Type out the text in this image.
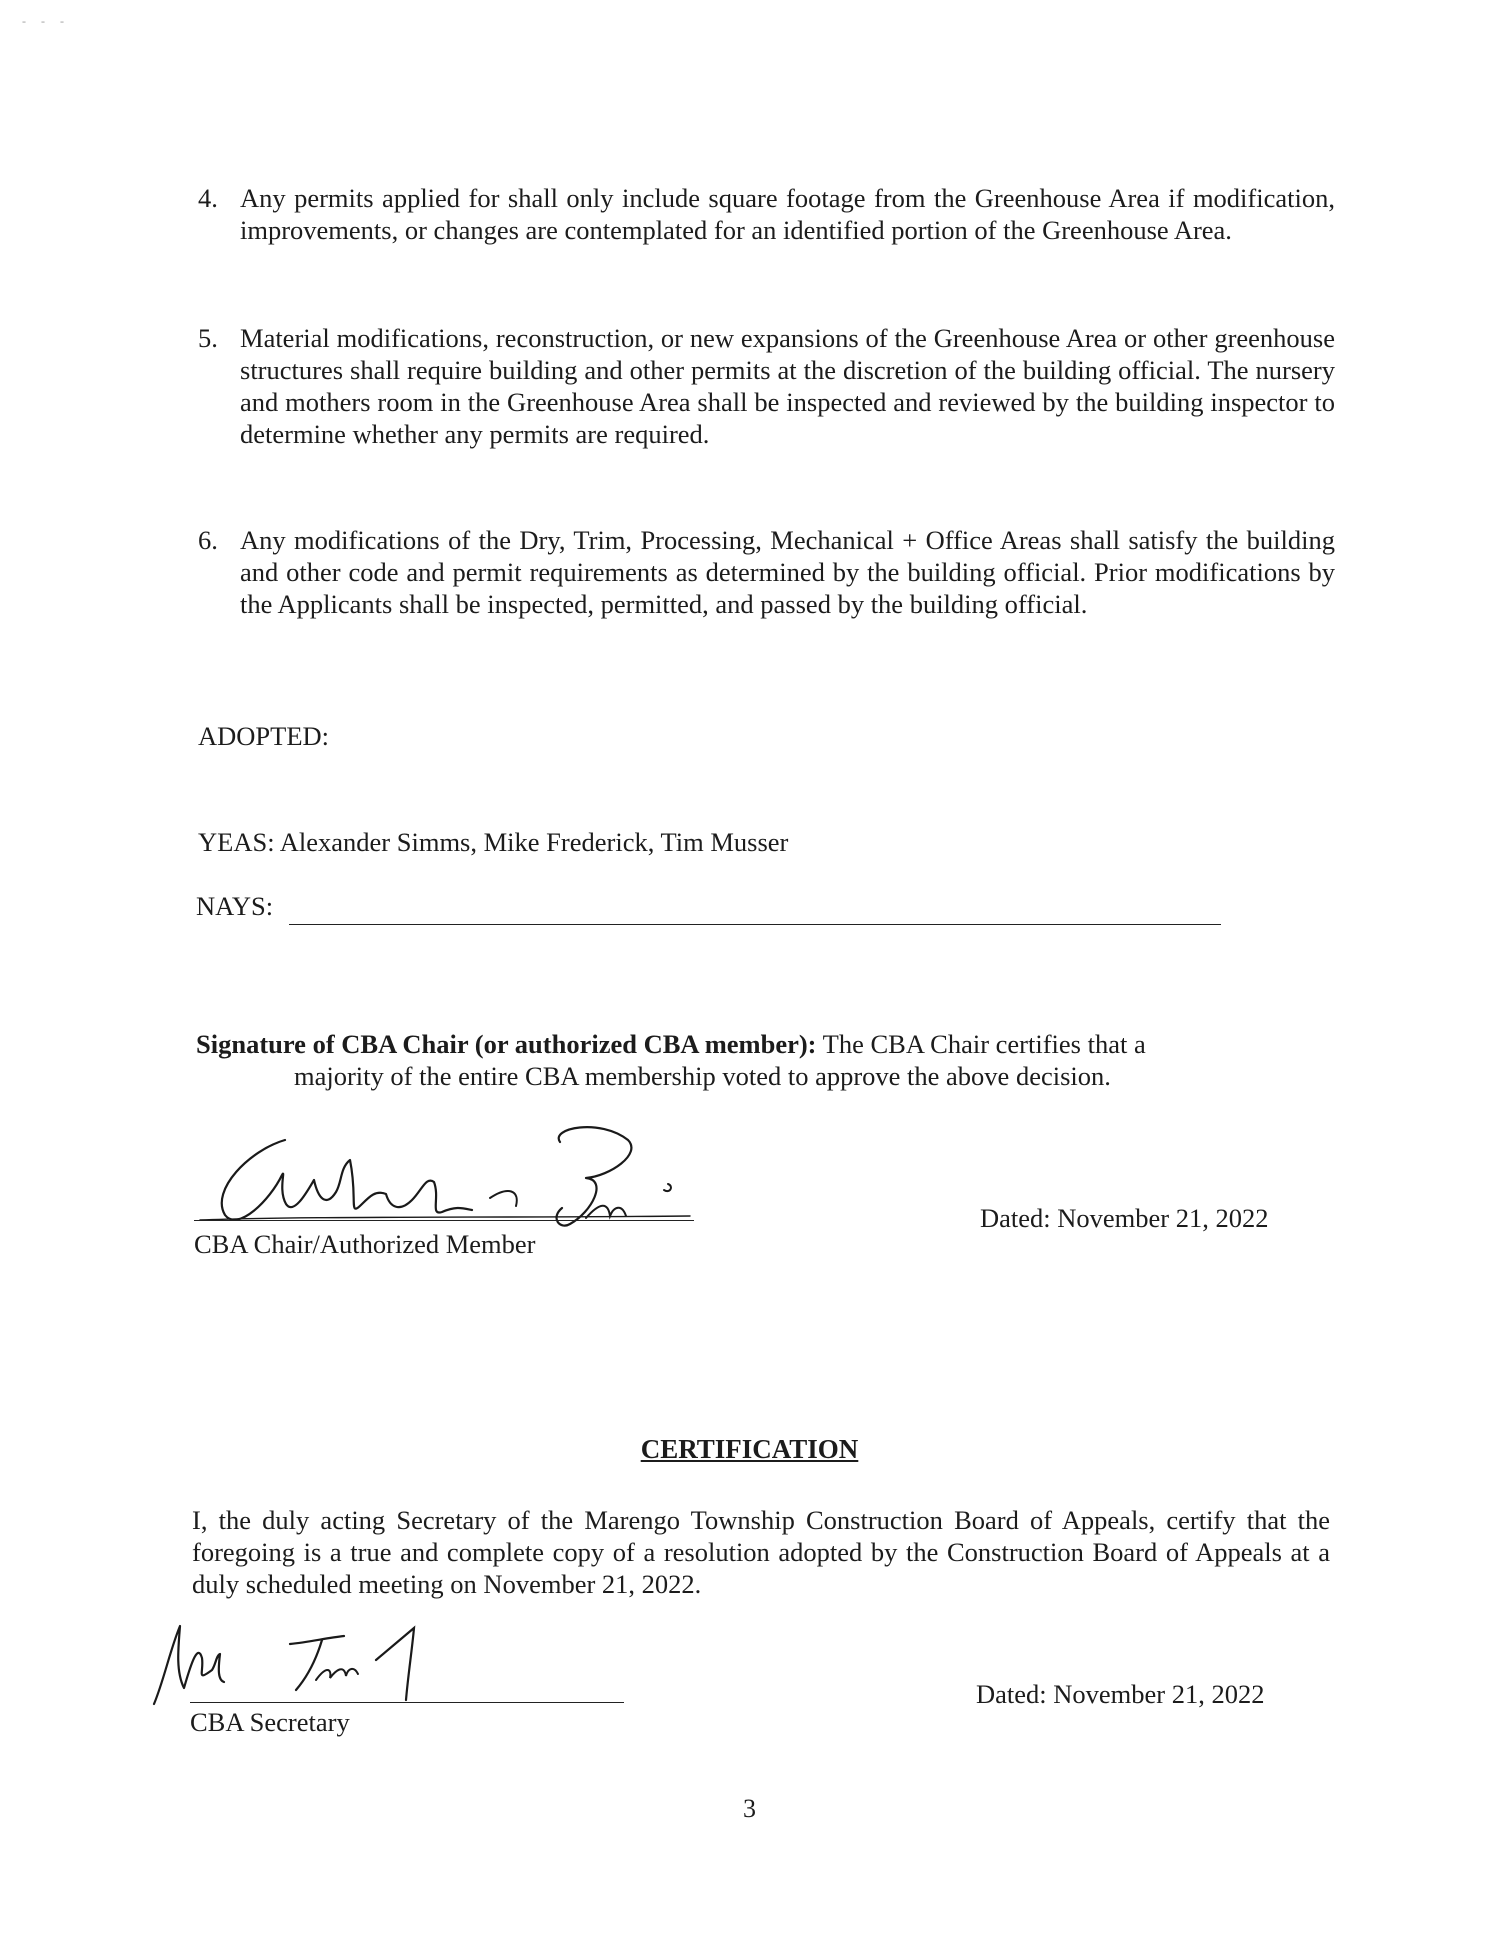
- - -
4. Any permits applied for shall only include square footage from the Greenhouse Area if modification, improvements, or changes are contemplated for an identified portion of the Greenhouse Area.
5. Material modifications, reconstruction, or new expansions of the Greenhouse Area or other greenhouse structures shall require building and other permits at the discretion of the building official. The nursery and mothers room in the Greenhouse Area shall be inspected and reviewed by the building inspector to determine whether any permits are required.
6. Any modifications of the Dry, Trim, Processing, Mechanical + Office Areas shall satisfy the building and other code and permit requirements as determined by the building official. Prior modifications by the Applicants shall be inspected, permitted, and passed by the building official.
ADOPTED:
YEAS: Alexander Simms, Mike Frederick, Tim Musser
NAYS:
Signature of CBA Chair (or authorized CBA member): The CBA Chair certifies that a
majority of the entire CBA membership voted to approve the above decision.
CBA Chair/Authorized Member
Dated: November 21, 2022
CERTIFICATION
I, the duly acting Secretary of the Marengo Township Construction Board of Appeals, certify that the foregoing is a true and complete copy of a resolution adopted by the Construction Board of Appeals at a duly scheduled meeting on November 21, 2022.
CBA Secretary
Dated: November 21, 2022
3
